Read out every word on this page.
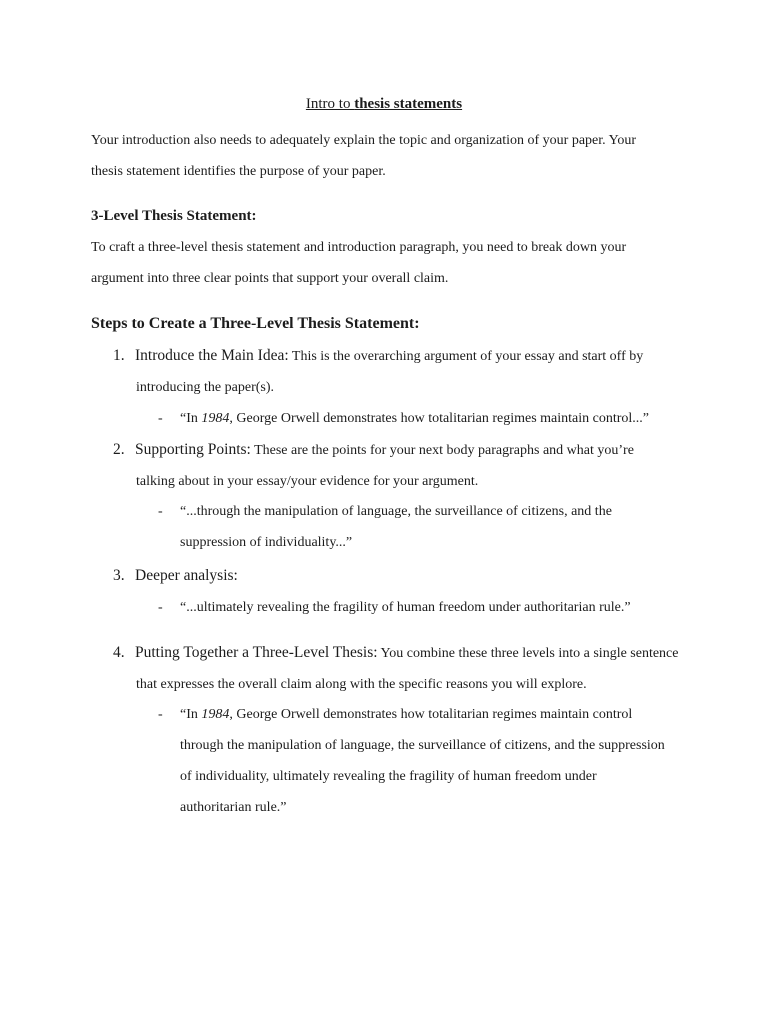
Intro to thesis statements
Your introduction also needs to adequately explain the topic and organization of your paper. Your
thesis statement identifies the purpose of your paper.
3-Level Thesis Statement:
To craft a three-level thesis statement and introduction paragraph, you need to break down your
argument into three clear points that support your overall claim.
Steps to Create a Three-Level Thesis Statement:
1. Introduce the Main Idea: This is the overarching argument of your essay and start off by
introducing the paper(s).
- “In 1984, George Orwell demonstrates how totalitarian regimes maintain control...”
2. Supporting Points: These are the points for your next body paragraphs and what you’re
talking about in your essay/your evidence for your argument.
- “...through the manipulation of language, the surveillance of citizens, and the
suppression of individuality...”
3. Deeper analysis:
- “...ultimately revealing the fragility of human freedom under authoritarian rule.”
4. Putting Together a Three-Level Thesis: You combine these three levels into a single sentence
that expresses the overall claim along with the specific reasons you will explore.
- “In 1984, George Orwell demonstrates how totalitarian regimes maintain control
through the manipulation of language, the surveillance of citizens, and the suppression
of individuality, ultimately revealing the fragility of human freedom under
authoritarian rule.”
